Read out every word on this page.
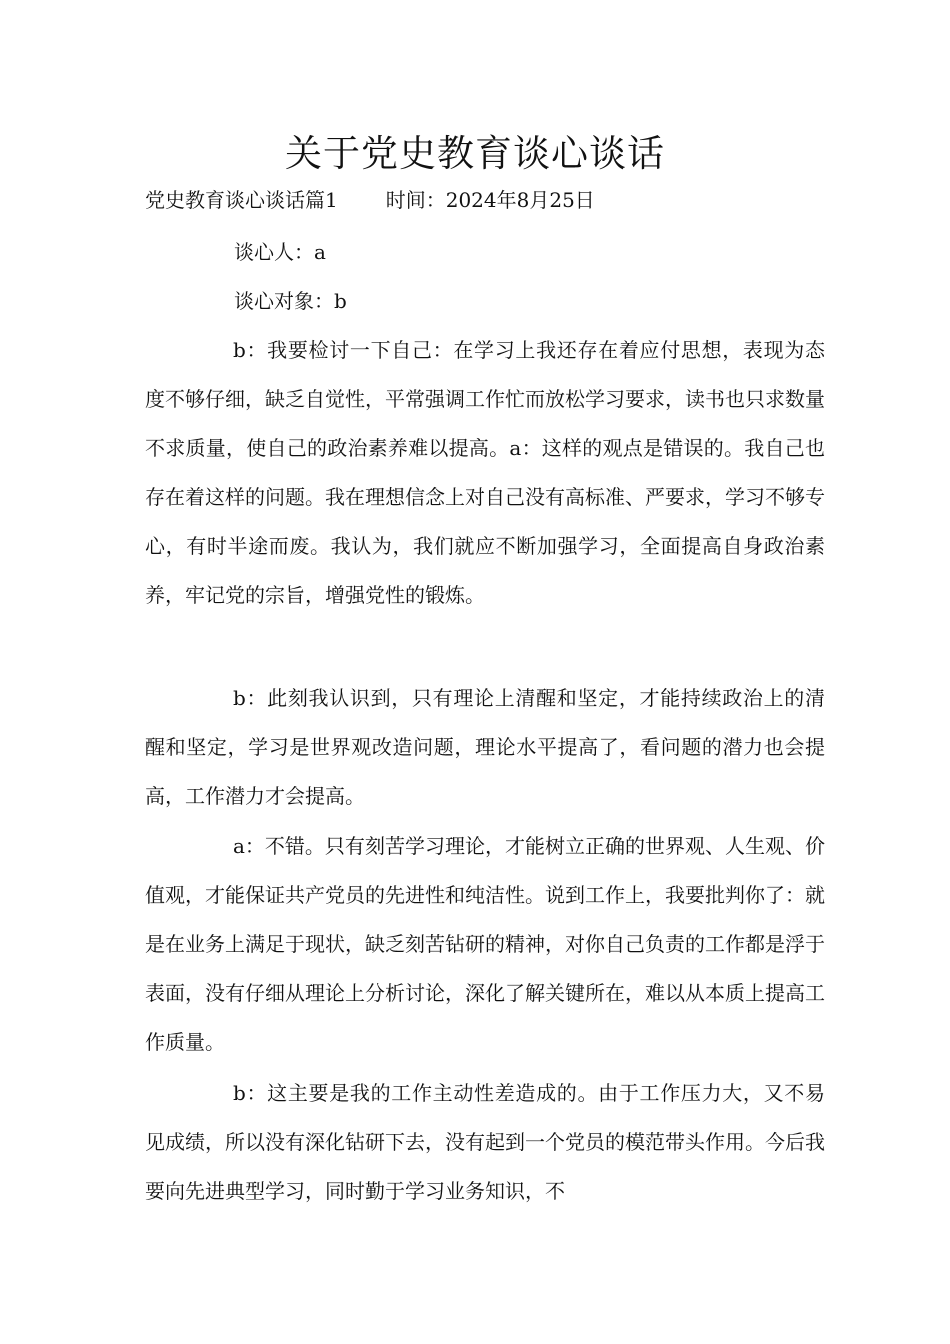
关于党史教育谈心谈话
党史教育谈心谈话篇1 时间：2024年8月25日
谈心人：a
谈心对象：b

b：我要检讨一下自己：在学习上我还存在着应付思想，表现为态度不够仔细，缺乏自觉性，平常强调工作忙而放松学习要求，读书也只求数量不求质量，使自己的政治素养难以提高。a：这样的观点是错误的。我自己也存在着这样的问题。我在理想信念上对自己没有高标准、严要求，学习不够专心，有时半途而废。我认为，我们就应不断加强学习，全面提高自身政治素养，牢记党的宗旨，增强党性的锻炼。

b：此刻我认识到，只有理论上清醒和坚定，才能持续政治上的清醒和坚定，学习是世界观改造问题，理论水平提高了，看问题的潜力也会提高，工作潜力才会提高。

a：不错。只有刻苦学习理论，才能树立正确的世界观、人生观、价值观，才能保证共产党员的先进性和纯洁性。说到工作上，我要批判你了：就是在业务上满足于现状，缺乏刻苦钻研的精神，对你自己负责的工作都是浮于表面，没有仔细从理论上分析讨论，深化了解关键所在，难以从本质上提高工作质量。

b：这主要是我的工作主动性差造成的。由于工作压力大，又不易见成绩，所以没有深化钻研下去，没有起到一个党员的模范带头作用。今后我要向先进典型学习，同时勤于学习业务知识，不
